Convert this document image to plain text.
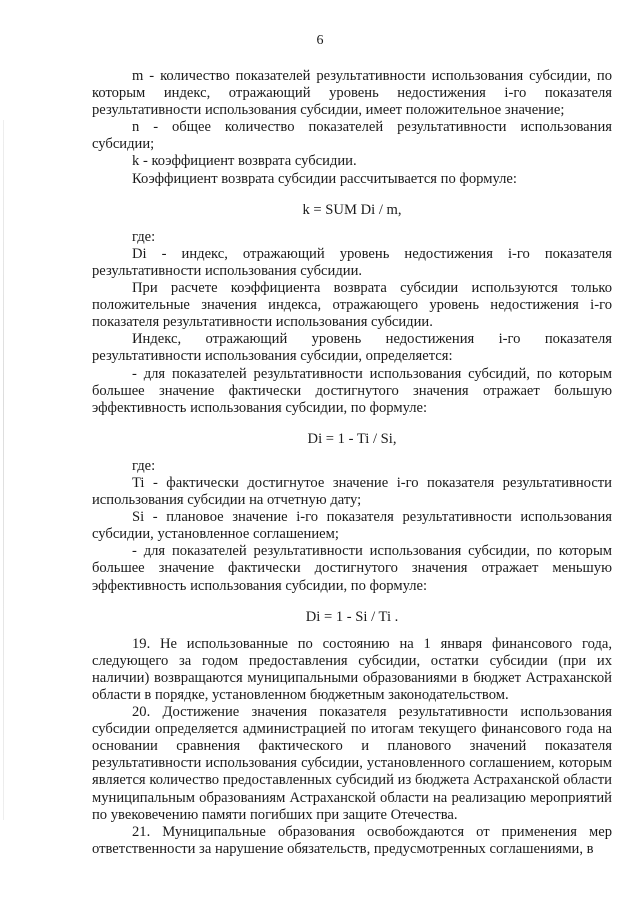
6

m - количество показателей результативности использования субсидии, по которым индекс, отражающий уровень недостижения i-го показателя результативности использования субсидии, имеет положительное значение;

n - общее количество показателей результативности использования субсидии;

k - коэффициент возврата субсидии.

Коэффициент возврата субсидии рассчитывается по формуле:

k = SUM Di / m,

где:

Di - индекс, отражающий уровень недостижения i-го показателя результативности использования субсидии.

При расчете коэффициента возврата субсидии используются только положительные значения индекса, отражающего уровень недостижения i-го показателя результативности использования субсидии.

Индекс, отражающий уровень недостижения i-го показателя результативности использования субсидии, определяется:

- для показателей результативности использования субсидий, по которым большее значение фактически достигнутого значения отражает большую эффективность использования субсидии, по формуле:

Di = 1 - Ti / Si,

где:

Ti - фактически достигнутое значение i-го показателя результативности использования субсидии на отчетную дату;

Si - плановое значение i-го показателя результативности использования субсидии, установленное соглашением;

- для показателей результативности использования субсидии, по которым большее значение фактически достигнутого значения отражает меньшую эффективность использования субсидии, по формуле:

Di = 1 - Si / Ti .

19. Не использованные по состоянию на 1 января финансового года, следующего за годом предоставления субсидии, остатки субсидии (при их наличии) возвращаются муниципальными образованиями в бюджет Астраханской области в порядке, установленном бюджетным законодательством.

20. Достижение значения показателя результативности использования субсидии определяется администрацией по итогам текущего финансового года на основании сравнения фактического и планового значений показателя результативности использования субсидии, установленного соглашением, которым является количество предоставленных субсидий из бюджета Астраханской области муниципальным образованиям Астраханской области на реализацию мероприятий по увековечению памяти погибших при защите Отечества.

21. Муниципальные образования освобождаются от применения мер ответственности за нарушение обязательств, предусмотренных соглашениями, в
